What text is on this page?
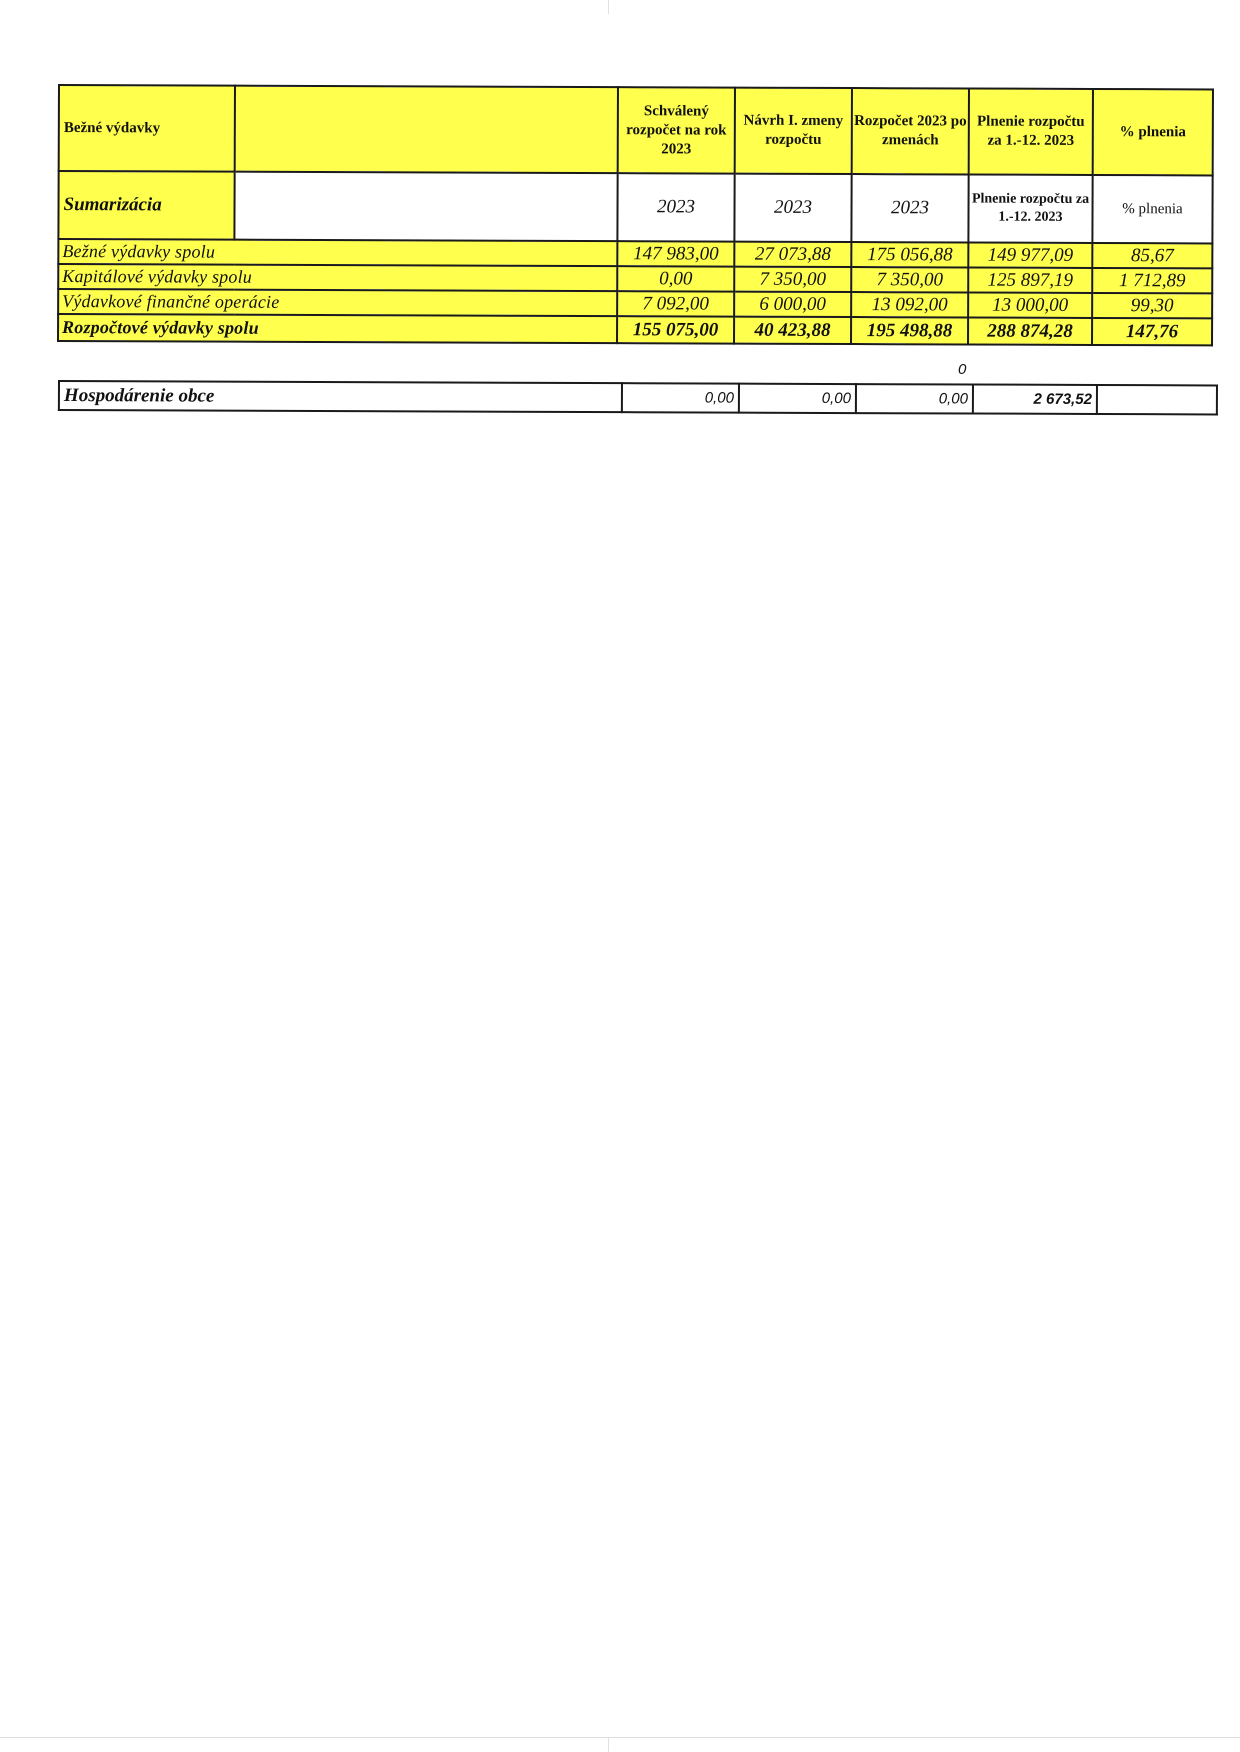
Bežné výdavky		Schválený rozpočet na rok 2023	Návrh I. zmeny rozpočtu	Rozpočet 2023 po zmenách	Plnenie rozpočtu za 1.-12. 2023	% plnenia
Sumarizácia		2023	2023	2023	Plnenie rozpočtu za 1.-12. 2023	% plnenia
Bežné výdavky spolu		147 983,00	27 073,88	175 056,88	149 977,09	85,67
Kapitálové výdavky spolu		0,00	7 350,00	7 350,00	125 897,19	1 712,89
Výdavkové finančné operácie		7 092,00	6 000,00	13 092,00	13 000,00	99,30
Rozpočtové výdavky spolu		155 075,00	40 423,88	195 498,88	288 874,28	147,76
0
Hospodárenie obce	0,00	0,00	0,00	2 673,52	
